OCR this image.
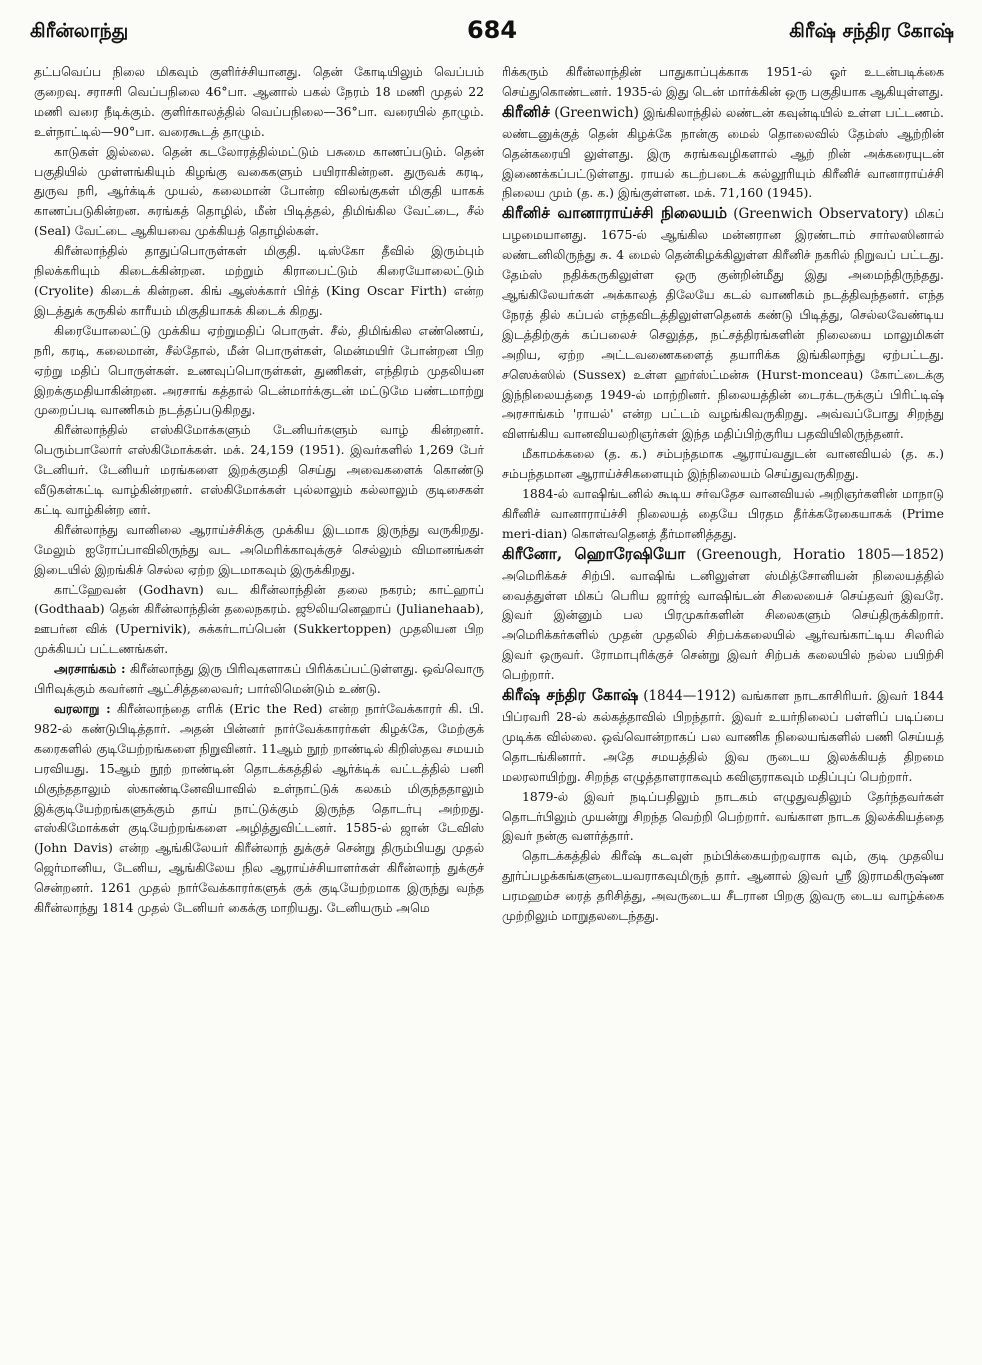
கிரீன்லாந்து	684	கிரீஷ் சந்திர கோஷ்

தட்பவெப்ப நிலை மிகவும் குளிர்ச்சியானது. தென் கோடியிலும் வெப்பம் குறைவு. சராசரி வெப்பநிலை 46°பா. ஆனால் பகல் நேரம் 18 மணி முதல் 22 மணி வரை நீடிக்கும். குளிர்காலத்தில் வெப்பநிலை—36°பா. வரையில் தாழும். உள்நாட்டில்—90°பா. வரைகூடத் தாழும்.

காடுகள் இல்லை. தென் கடலோரத்தில்மட்டும் பசுமை காணப்படும். தென் பகுதியில் முள்ளங்கியும் கிழங்கு வகைகளும் பயிராகின்றன. துருவக் கரடி, துருவ நரி, ஆர்க்டிக் முயல், கலைமான் போன்ற விலங்குகள் மிகுதி யாகக் காணப்படுகின்றன. சுரங்கத் தொழில், மீன் பிடித்தல், திமிங்கில வேட்டை, சீல் (Seal) வேட்டை ஆகியவை முக்கியத் தொழில்கள்.

கிரீன்லாந்தில் தாதுப்பொருள்கள் மிகுதி. டிஸ்கோ தீவில் இரும்பும் நிலக்கரியும் கிடைக்கின்றன. மற்றும் கிராபைட்டும் கிரையோலைட்டும் (Cryolite) கிடைக் கின்றன. கிங் ஆஸ்க்கார் பிர்த் (King Oscar Firth) என்ற இடத்துக் கருகில் காரீயம் மிகுதியாகக் கிடைக் கிறது.

கிரையோலைட்டு முக்கிய ஏற்றுமதிப் பொருள். சீல், திமிங்கில எண்ணெய், நரி, கரடி, கலைமான், சீல்தோல், மீன் பொருள்கள், மென்மயிர் போன்றன பிற ஏற்று மதிப் பொருள்கள். உணவுப்பொருள்கள், துணிகள், எந்திரம் முதலியன இறக்குமதியாகின்றன. அரசாங் கத்தால் டென்மார்க்குடன் மட்டுமே பண்டமாற்று முறைப்படி வாணிகம் நடத்தப்படுகிறது.

கிரீன்லாந்தில் எஸ்கிமோக்களும் டேனியர்களும் வாழ் கின்றனர். பெரும்பாலோர் எஸ்கிமோக்கள். மக். 24,159 (1951). இவர்களில் 1,269 பேர் டேனியர். டேனியர் மரங்களை இறக்குமதி செய்து அவைகளைக் கொண்டு வீடுகள்கட்டி வாழ்கின்றனர். எஸ்கிமோக்கள் புல்லாலும் கல்லாலும் குடிசைகள் கட்டி வாழ்கின்ற னர்.

கிரீன்லாந்து வானிலை ஆராய்ச்சிக்கு முக்கிய இடமாக இருந்து வருகிறது. மேலும் ஐரோப்பாவிலிருந்து வட அமெரிக்காவுக்குச் செல்லும் விமானங்கள் இடையில் இறங்கிச் செல்ல ஏற்ற இடமாகவும் இருக்கிறது.

காட்ஹேவன் (Godhavn) வட கிரீன்லாந்தின் தலை நகரம்; காட்ஹாப் (Godthaab) தென் கிரீன்லாந்தின் தலைநகரம். ஜூலியனெஹாப் (Julianehaab), ஊபர்ன விக் (Upernivik), சுக்கர்டாப்பென் (Sukkertoppen) முதலியன பிற முக்கியப் பட்டணங்கள்.

அரசாங்கம் : கிரீன்லாந்து இரு பிரிவுகளாகப் பிரிக்கப்பட்டுள்ளது. ஒவ்வொரு பிரிவுக்கும் கவர்னர் ஆட்சித்தலைவர்; பார்லிமென்டும் உண்டு.

வரலாறு : கிரீன்லாந்தை எரிக் (Eric the Red) என்ற நார்வேக்காரர் கி. பி. 982-ல் கண்டுபிடித்தார். அதன் பின்னர் நார்வேக்காரர்கள் கிழக்கே, மேற்குக் கரைகளில் குடியேற்றங்களை நிறுவினர். 11ஆம் நூற் றாண்டில் கிறிஸ்தவ சமயம் பரவியது. 15ஆம் நூற் றாண்டின் தொடக்கத்தில் ஆர்க்டிக் வட்டத்தில் பனி மிகுந்ததாலும் ஸ்காண்டினேவியாவில் உள்நாட்டுக் கலகம் மிகுந்ததாலும் இக்குடியேற்றங்களுக்கும் தாய் நாட்டுக்கும் இருந்த தொடர்பு அற்றது. எஸ்கிமோக்கள் குடியேற்றங்களை அழித்துவிட்டனர். 1585-ல் ஜான் டேவிஸ் (John Davis) என்ற ஆங்கிலேயர் கிரீன்லாந் துக்குச் சென்று திரும்பியது முதல் ஜெர்மானிய, டேனிய, ஆங்கிலேய நில ஆராய்ச்சியாளர்கள் கிரீன்லாந் துக்குச் சென்றனர். 1261 முதல் நார்வேக்காரர்களுக் குக் குடியேற்றமாக இருந்து வந்த கிரீன்லாந்து 1814 முதல் டேனியர் கைக்கு மாறியது. டேனியரும் அமெ

ரிக்கரும் கிரீன்லாந்தின் பாதுகாப்புக்காக 1951-ல் ஓர் உடன்படிக்கை செய்துகொண்டனர். 1935-ல் இது டென் மார்க்கின் ஒரு பகுதியாக ஆகியுள்ளது.

கிரீனிச் (Greenwich) இங்கிலாந்தில் லண்டன் கவுன்டியில் உள்ள பட்டணம். லண்டனுக்குத் தென் கிழக்கே நான்கு மைல் தொலைவில் தேம்ஸ் ஆற்றின் தென்கரையி லுள்ளது. இரு சுரங்கவழிகளால் ஆற் றின் அக்கரையுடன் இணைக்கப்பட்டுள்ளது. ராயல் கடற்படைக் கல்லூரியும் கிரீனிச் வானாராய்ச்சி நிலைய மும் (த. க.) இங்குள்ளன. மக். 71,160 (1945).

கிரீனிச் வானாராய்ச்சி நிலையம் (Greenwich Observatory) மிகப் பழமையானது. 1675-ல் ஆங்கில மன்னரான இரண்டாம் சார்லஸினால் லண்டனிலிருந்து சு. 4 மைல் தென்கிழக்கிலுள்ள கிரீனிச் நகரில் நிறுவப் பட்டது. தேம்ஸ் நதிக்கருகிலுள்ள ஒரு குன்றின்மீது இது அமைந்திருந்தது. ஆங்கிலேயர்கள் அக்காலத் திலேயே கடல் வாணிகம் நடத்திவந்தனர். எந்த நேரத் தில் கப்பல் எந்தவிடத்திலுள்ளதெனக் கண்டு பிடித்து, செல்லவேண்டிய இடத்திற்குக் கப்பலைச் செலுத்த, நட்சத்திரங்களின் நிலையை மாலுமிகள் அறிய, ஏற்ற அட்டவணைகளைத் தயாரிக்க இங்கிலாந்து ஏற்பட்டது. சஸெக்ஸில் (Sussex) உள்ள ஹர்ஸ்ட்மன்சு (Hurst-monceau) கோட்டைக்கு இந்நிலையத்தை 1949-ல் மாற்றினர். நிலையத்தின் டைரக்டருக்குப் பிரிட்டிஷ் அரசாங்கம் 'ராயல்' என்ற பட்டம் வழங்கிவருகிறது. அவ்வப்போது சிறந்து விளங்கிய வானவியலறிஞர்கள் இந்த மதிப்பிற்குரிய பதவியிலிருந்தனர்.

மீகாமக்கலை (த. க.) சம்பந்தமாக ஆராய்வதுடன் வானவியல் (த. க.) சம்பந்தமான ஆராய்ச்சிகளையும் இந்நிலையம் செய்துவருகிறது.

1884-ல் வாஷிங்டனில் கூடிய சர்வதேச வானவியல் அறிஞர்களின் மாநாடு கிரீனிச் வானாராய்ச்சி நிலையத் தையே பிரதம தீர்க்கரேகையாகக் (Prime meri-dian) கொள்வதெனத் தீர்மானித்தது.

கிரீனோ, ஹொரேஷியோ (Greenough, Horatio 1805—1852) அமெரிக்கச் சிற்பி. வாஷிங் டனிலுள்ள ஸ்மித்சோனியன் நிலையத்தில் வைத்துள்ள மிகப் பெரிய ஜார்ஜ் வாஷிங்டன் சிலையைச் செய்தவர் இவரே. இவர் இன்னும் பல பிரமுகர்களின் சிலைகளும் செய்திருக்கிறார். அமெரிக்கர்களில் முதன் முதலில் சிற்பக்கலையில் ஆர்வங்காட்டிய சிலரில் இவர் ஒருவர். ரோமாபுரிக்குச் சென்று இவர் சிற்பக் கலையில் நல்ல பயிற்சி பெற்றார்.

கிரீஷ் சந்திர கோஷ் (1844—1912) வங்காள நாடகாசிரியர். இவர் 1844 பிப்ரவரி 28-ல் கல்கத்தாவில் பிறந்தார். இவர் உயர்நிலைப் பள்ளிப் படிப்பை முடிக்க வில்லை. ஒவ்வொன்றாகப் பல வாணிக நிலையங்களில் பணி செய்யத் தொடங்கினார். அதே சமயத்தில் இவ ருடைய இலக்கியத் திறமை மலரலாயிற்று. சிறந்த எழுத்தாளராகவும் கவிஞராகவும் மதிப்புப் பெற்றார்.

1879-ல் இவர் நடிப்பதிலும் நாடகம் எழுதுவதிலும் தேர்ந்தவர்கள் தொடர்பிலும் முயன்று சிறந்த வெற்றி பெற்றார். வங்காள நாடக இலக்கியத்தை இவர் நன்கு வளர்த்தார்.

தொடக்கத்தில் கிரீஷ் கடவுள் நம்பிக்கையற்றவராக வும், குடி முதலிய தூர்ப்பழக்கங்களுடையவராகவுமிருந் தார். ஆனால் இவர் ஸ்ரீ இராமகிருஷ்ண பரமஹம்ச ரைத் தரிசித்து, அவருடைய சீடரான பிறகு இவரு டைய வாழ்க்கை முற்றிலும் மாறுதலடைந்தது.
